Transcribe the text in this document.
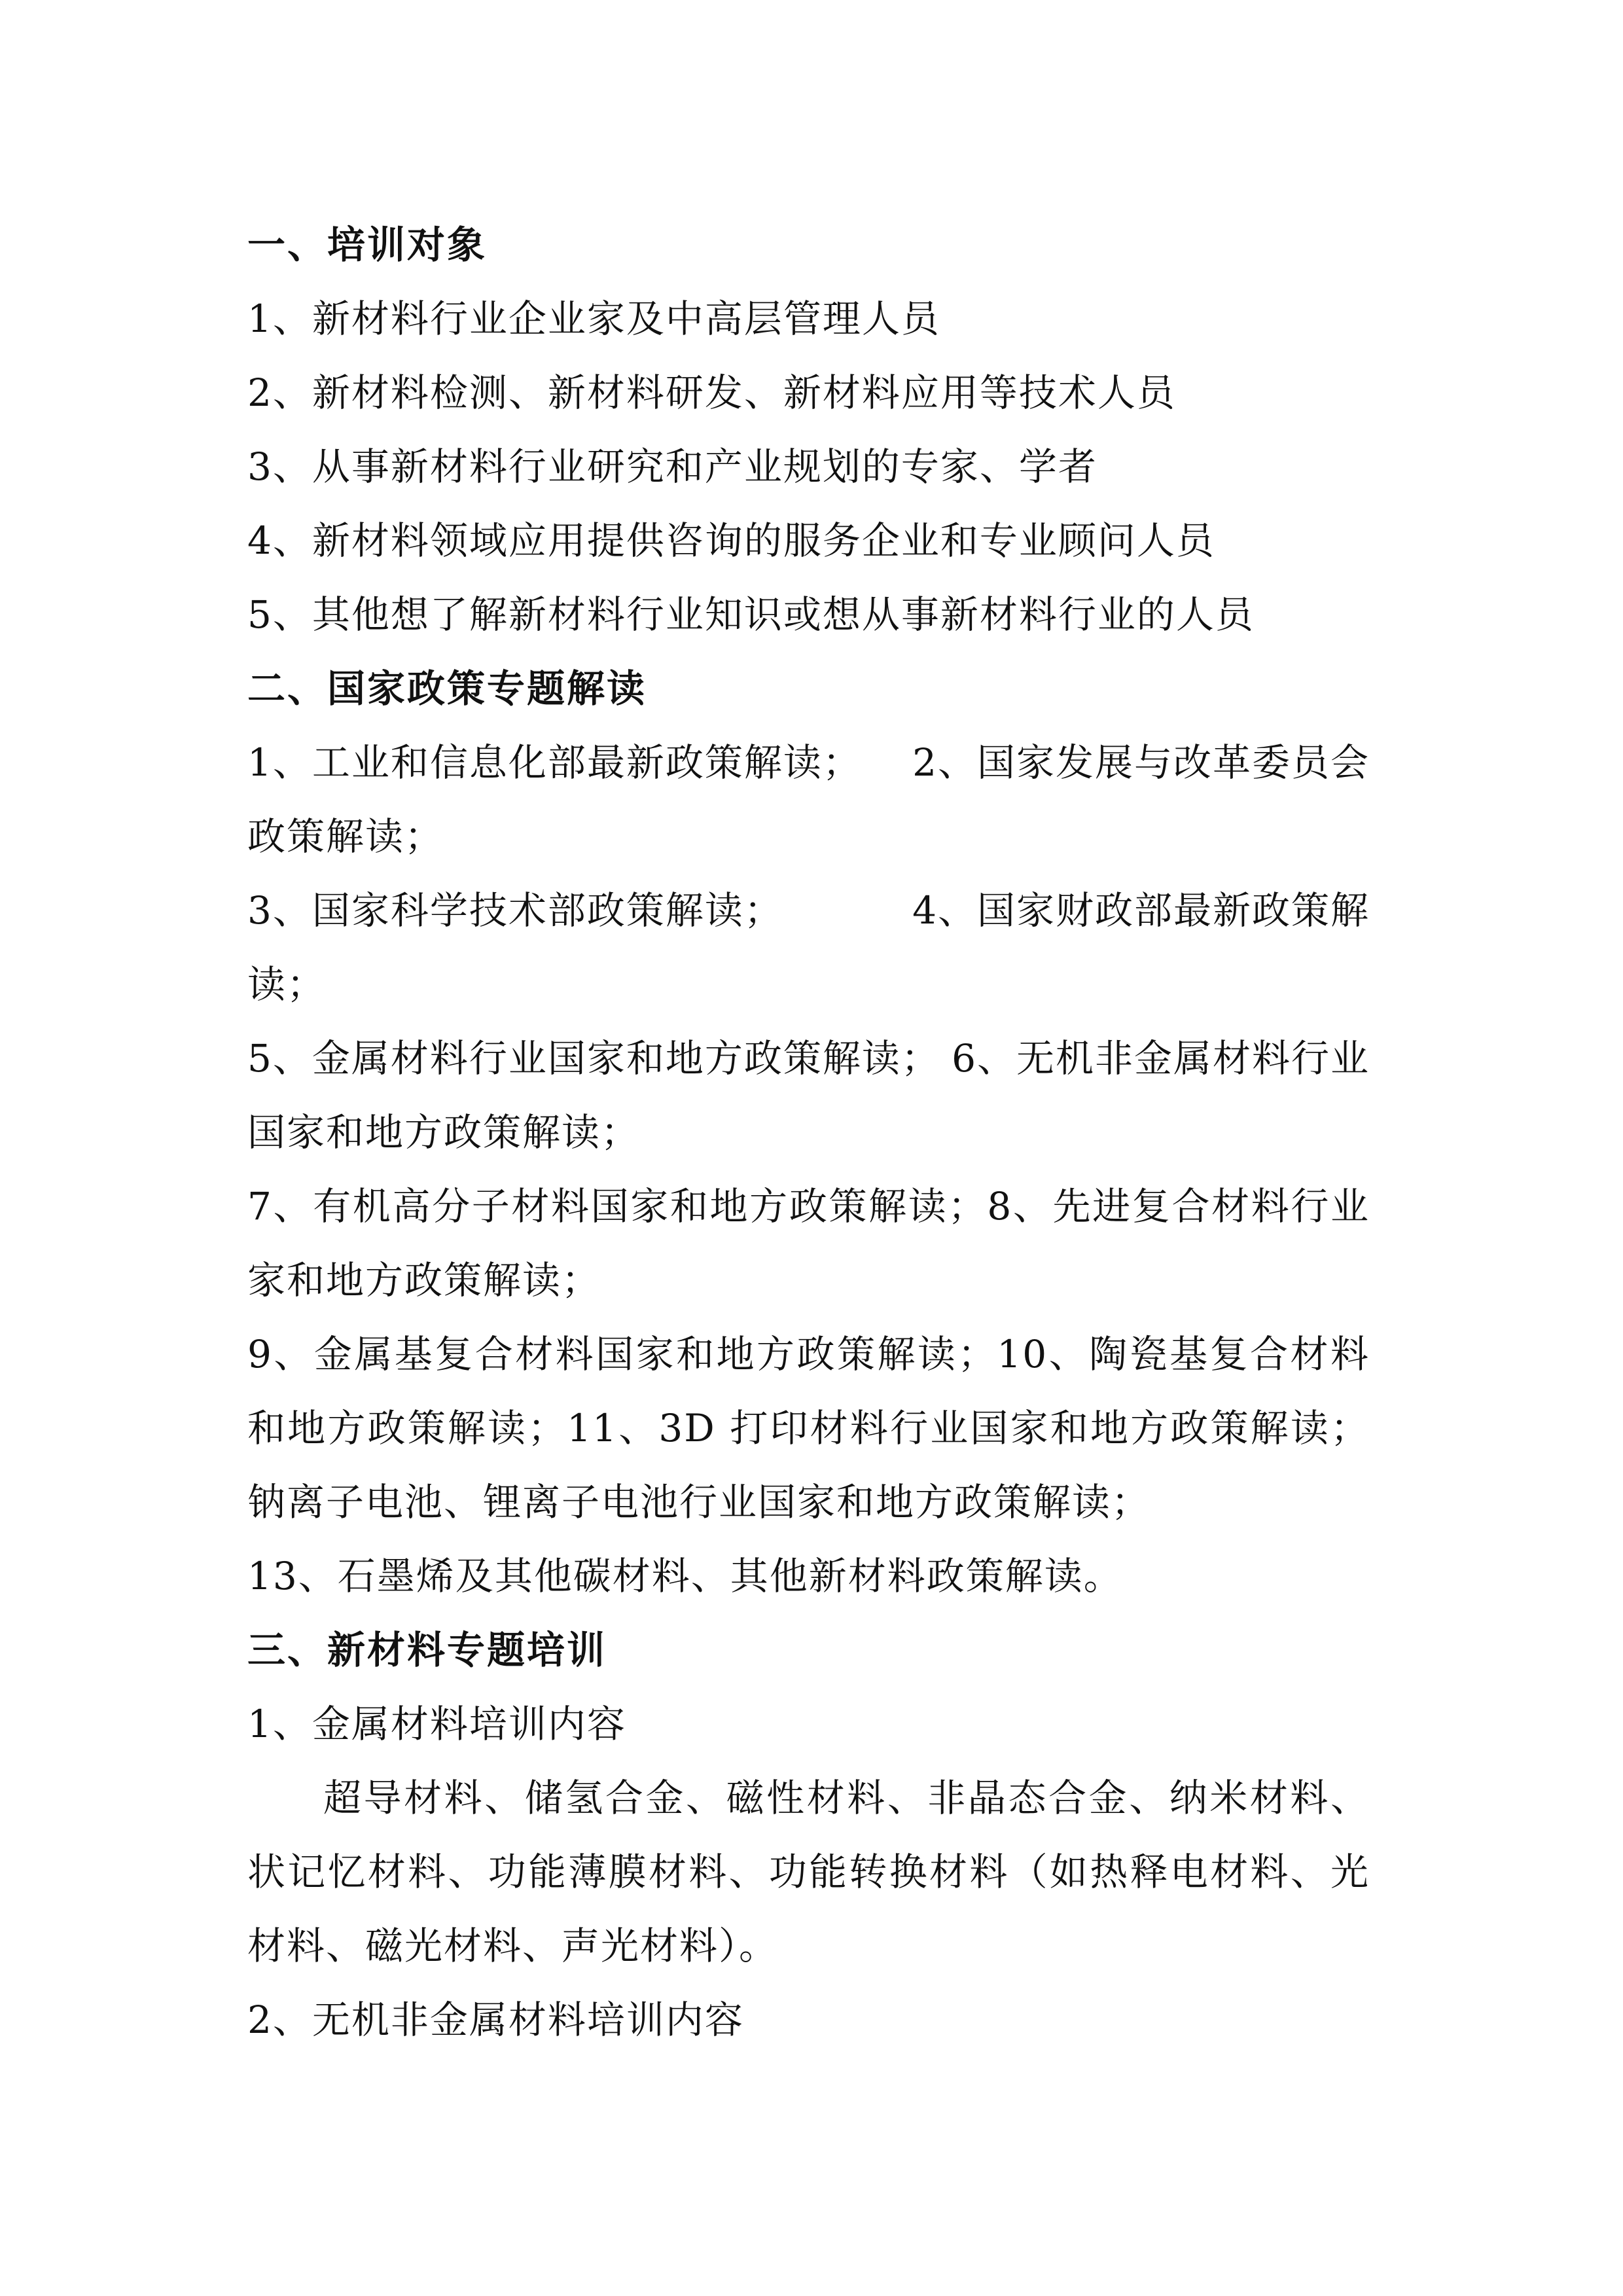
一、培训对象

1、新材料行业企业家及中高层管理人员

2、新材料检测、新材料研发、新材料应用等技术人员

3、从事新材料行业研究和产业规划的专家、学者

4、新材料领域应用提供咨询的服务企业和专业顾问人员

5、其他想了解新材料行业知识或想从事新材料行业的人员

二、国家政策专题解读

1、工业和信息化部最新政策解读； 2、国家发展与改革委员会

政策解读；

3、国家科学技术部政策解读；	4、国家财政部最新政策解

读；

5、金属材料行业国家和地方政策解读； 6、无机非金属材料行业

国家和地方政策解读；

7、有机高分子材料国家和地方政策解读；8、先进复合材料行业

家和地方政策解读；

9、金属基复合材料国家和地方政策解读；10、陶瓷基复合材料

和地方政策解读；11、3D 打印材料行业国家和地方政策解读；

钠离子电池、锂离子电池行业国家和地方政策解读；

13、石墨烯及其他碳材料、其他新材料政策解读。

三、新材料专题培训

1、金属材料培训内容

超导材料、储氢合金、磁性材料、非晶态合金、纳米材料、

状记忆材料、功能薄膜材料、功能转换材料（如热释电材料、光

材料、磁光材料、声光材料）。

2、无机非金属材料培训内容
